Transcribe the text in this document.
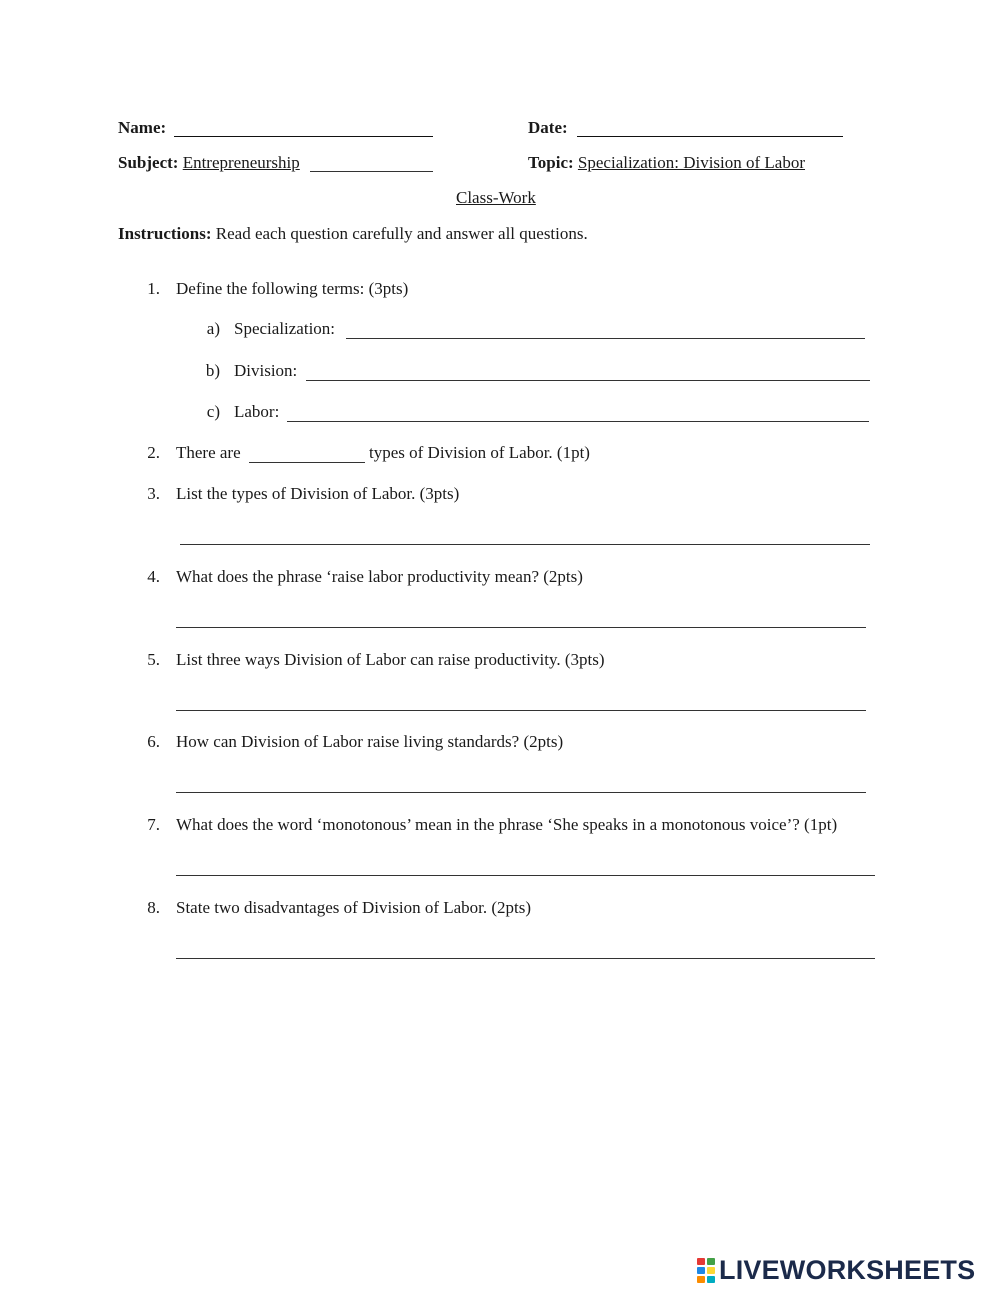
Name:	Date:
Subject: Entrepreneurship	Topic: Specialization: Division of Labor
Class-Work
Instructions: Read each question carefully and answer all questions.
1. Define the following terms: (3pts)
a) Specialization:
b) Division:
c) Labor:
2. There are	types of Division of Labor. (1pt)
3. List the types of Division of Labor. (3pts)
4. What does the phrase ‘raise labor productivity mean? (2pts)
5. List three ways Division of Labor can raise productivity. (3pts)
6. How can Division of Labor raise living standards? (2pts)
7. What does the word ‘monotonous’ mean in the phrase ‘She speaks in a monotonous voice’? (1pt)
8. State two disadvantages of Division of Labor. (2pts)
LIVEWORKSHEETS
